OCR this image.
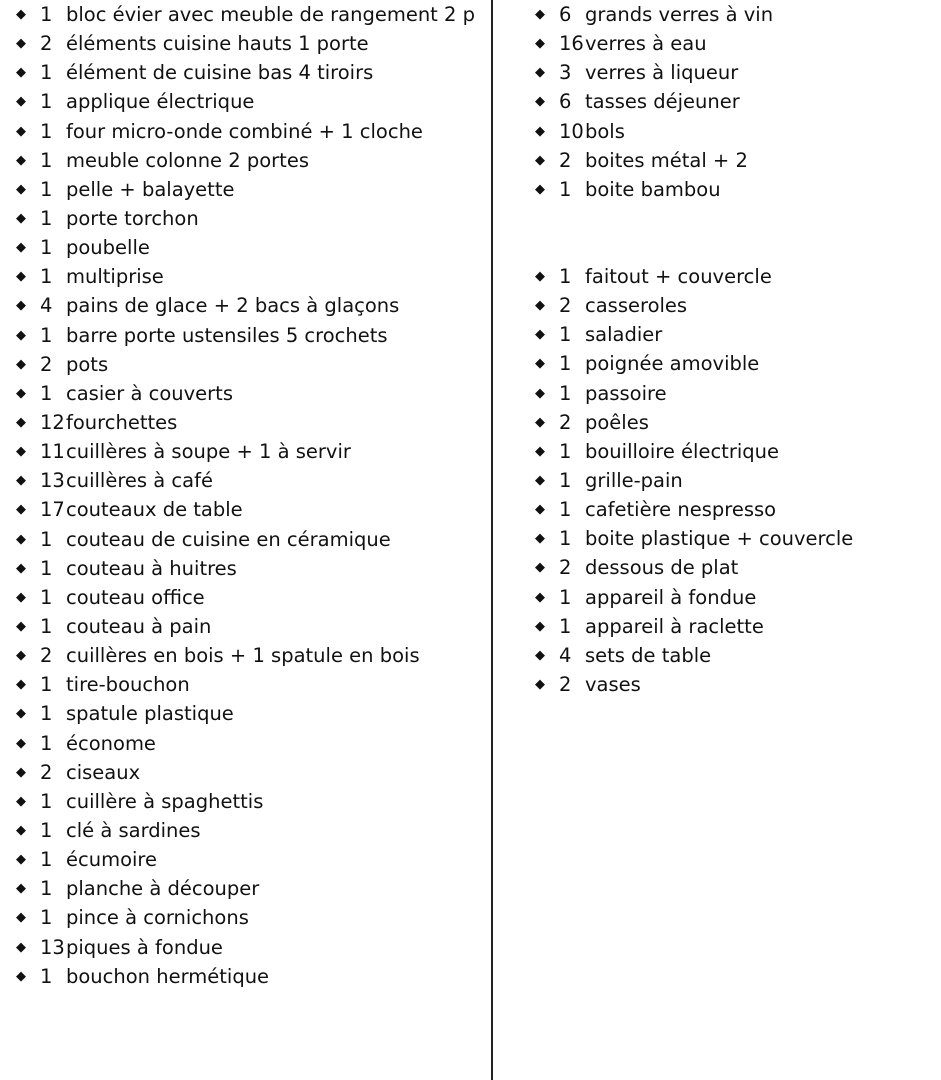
◆ 1 bloc évier avec meuble de rangement 2 p
◆ 2 éléments cuisine hauts 1 porte
◆ 1 élément de cuisine bas 4 tiroirs
◆ 1 applique électrique
◆ 1 four micro-onde combiné + 1 cloche
◆ 1 meuble colonne 2 portes
◆ 1 pelle + balayette
◆ 1 porte torchon
◆ 1 poubelle
◆ 1 multiprise
◆ 4 pains de glace + 2 bacs à glaçons
◆ 1 barre porte ustensiles 5 crochets
◆ 2 pots
◆ 1 casier à couverts
◆ 12 fourchettes
◆ 11 cuillères à soupe + 1 à servir
◆ 13 cuillères à café
◆ 17 couteaux de table
◆ 1 couteau de cuisine en céramique
◆ 1 couteau à huitres
◆ 1 couteau office
◆ 1 couteau à pain
◆ 2 cuillères en bois + 1 spatule en bois
◆ 1 tire-bouchon
◆ 1 spatule plastique
◆ 1 économe
◆ 2 ciseaux
◆ 1 cuillère à spaghettis
◆ 1 clé à sardines
◆ 1 écumoire
◆ 1 planche à découper
◆ 1 pince à cornichons
◆ 13 piques à fondue
◆ 1 bouchon hermétique
◆ 6 grands verres à vin
◆ 16 verres à eau
◆ 3 verres à liqueur
◆ 6 tasses déjeuner
◆ 10 bols
◆ 2 boites métal + 2
◆ 1 boite bambou
◆ 1 faitout + couvercle
◆ 2 casseroles
◆ 1 saladier
◆ 1 poignée amovible
◆ 1 passoire
◆ 2 poêles
◆ 1 bouilloire électrique
◆ 1 grille-pain
◆ 1 cafetière nespresso
◆ 1 boite plastique + couvercle
◆ 2 dessous de plat
◆ 1 appareil à fondue
◆ 1 appareil à raclette
◆ 4 sets de table
◆ 2 vases
